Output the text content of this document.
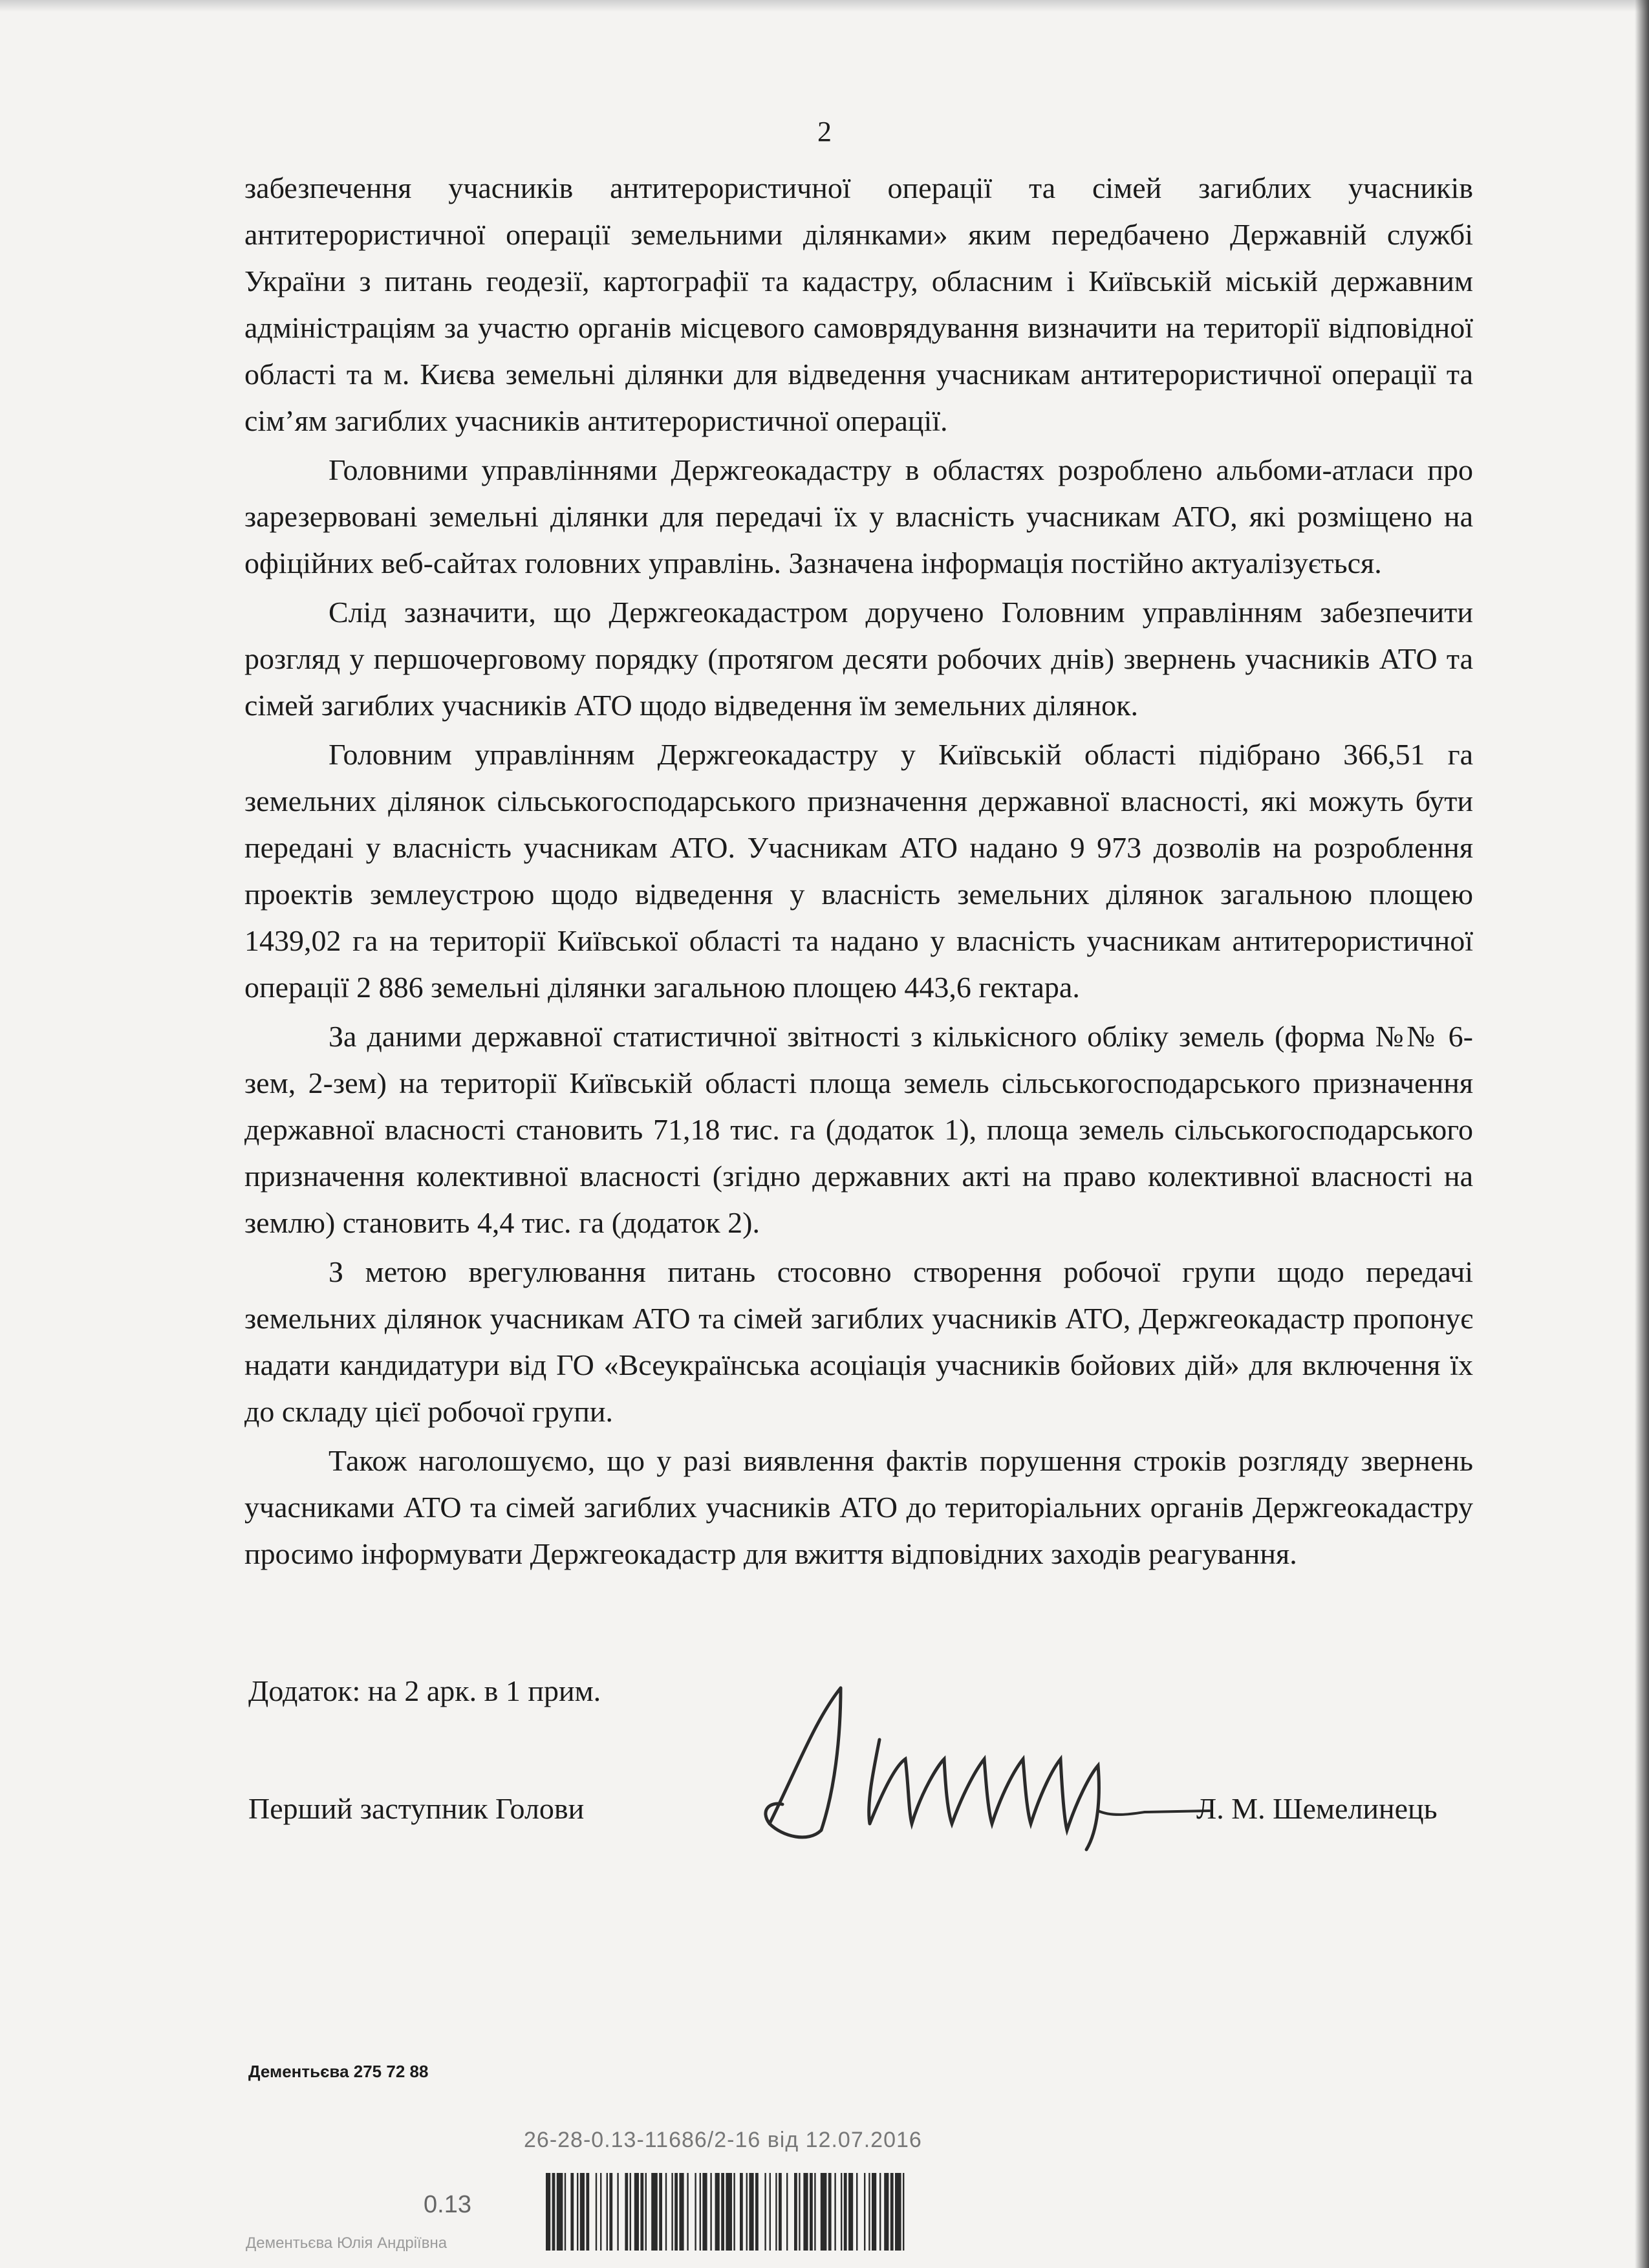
2

забезпечення учасників антитерористичної операції та сімей загиблих учасників антитерористичної операції земельними ділянками» яким передбачено Державній службі України з питань геодезії, картографії та кадастру, обласним і Київській міській державним адміністраціям за участю органів місцевого самоврядування визначити на території відповідної області та м. Києва земельні ділянки для відведення учасникам антитерористичної операції та сім’ям загиблих учасників антитерористичної операції.

Головними управліннями Держгеокадастру в областях розроблено альбоми-атласи про зарезервовані земельні ділянки для передачі їх у власність учасникам АТО, які розміщено на офіційних веб-сайтах головних управлінь. Зазначена інформація постійно актуалізується.

Слід зазначити, що Держгеокадастром доручено Головним управлінням забезпечити розгляд у першочерговому порядку (протягом десяти робочих днів) звернень учасників АТО та сімей загиблих учасників АТО щодо відведення їм земельних ділянок.

Головним управлінням Держгеокадастру у Київській області підібрано 366,51 га земельних ділянок сільськогосподарського призначення державної власності, які можуть бути передані у власність учасникам АТО. Учасникам АТО надано 9 973 дозволів на розроблення проектів землеустрою щодо відведення у власність земельних ділянок загальною площею 1439,02 га на території Київської області та надано у власність учасникам антитерористичної операції 2 886 земельні ділянки загальною площею 443,6 гектара.

За даними державної статистичної звітності з кількісного обліку земель (форма №№ 6-зем, 2-зем) на території Київській області площа земель сільськогосподарського призначення державної власності становить 71,18 тис. га (додаток 1), площа земель сільськогосподарського призначення колективної власності (згідно державних акті на право колективної власності на землю) становить 4,4 тис. га (додаток 2).

З метою врегулювання питань стосовно створення робочої групи щодо передачі земельних ділянок учасникам АТО та сімей загиблих учасників АТО, Держгеокадастр пропонує надати кандидатури від ГО «Всеукраїнська асоціація учасників бойових дій» для включення їх до складу цієї робочої групи.

Також наголошуємо, що у разі виявлення фактів порушення строків розгляду звернень учасниками АТО та сімей загиблих учасників АТО до територіальних органів Держгеокадастру просимо інформувати Держгеокадастр для вжиття відповідних заходів реагування.

Додаток: на 2 арк. в 1 прим.
Перший заступник Голови	Л. М. Шемелинець
Дементьєва 275 72 88
26-28-0.13-11686/2-16 від 12.07.2016
0.13
Дементьєва Юлія Андріївна
